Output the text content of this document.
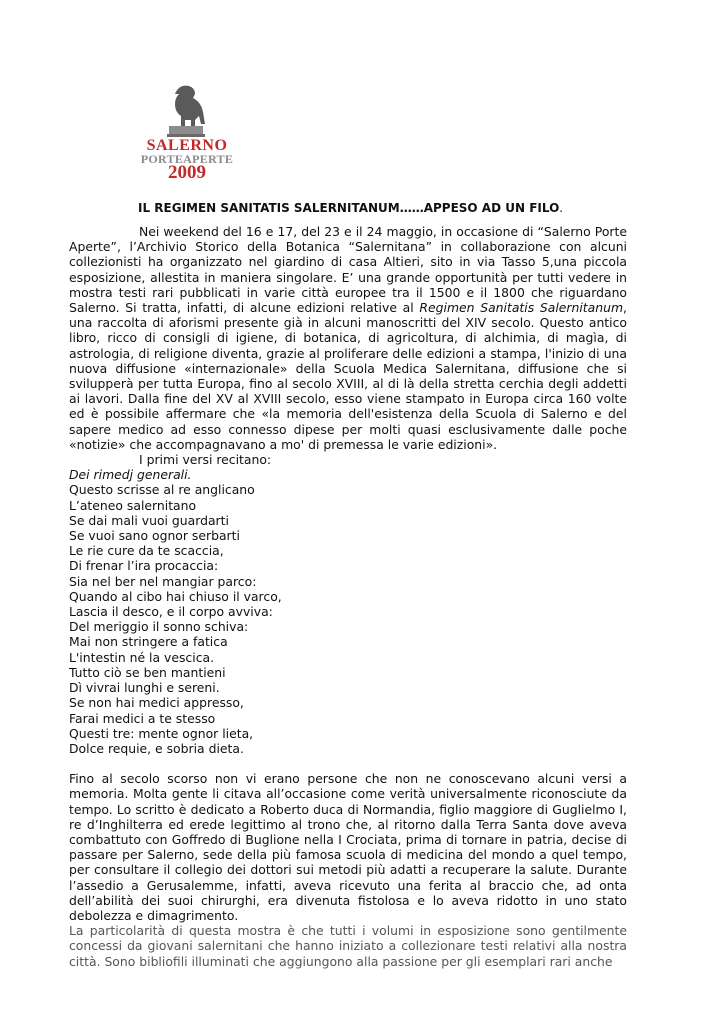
SALERNO
PORTEAPERTE
2009
IL REGIMEN SANITATIS SALERNITANUM……APPESO AD UN FILO.

Nei weekend del 16 e 17, del 23 e il 24 maggio, in occasione di “Salerno Porte Aperte”, l’Archivio Storico della Botanica “Salernitana” in collaborazione con alcuni collezionisti ha organizzato nel giardino di casa Altieri, sito in via Tasso 5,una piccola esposizione, allestita in maniera singolare. E’ una grande opportunità per tutti vedere in mostra testi rari pubblicati in varie città europee tra il 1500 e il 1800 che riguardano Salerno. Si tratta, infatti, di alcune edizioni relative al Regimen Sanitatis Salernitanum, una raccolta di aforismi presente già in alcuni manoscritti del XIV secolo. Questo antico libro, ricco di consigli di igiene, di botanica, di agricoltura, di alchimia, di magìa, di astrologia, di religione diventa, grazie al proliferare delle edizioni a stampa, l'inizio di una nuova diffusione «internazionale» della Scuola Medica Salernitana, diffusione che si svilupperà per tutta Europa, fino al secolo XVIII, al di là della stretta cerchia degli addetti ai lavori. Dalla fine del XV al XVIII secolo, esso viene stampato in Europa circa 160 volte ed è possibile affermare che «la memoria dell'esistenza della Scuola di Salerno e del sapere medico ad esso connesso dipese per molti quasi esclusivamente dalle poche «notizie» che accompagnavano a mo' di premessa le varie edizioni».

I primi versi recitano:

Dei rimedj generali.
Questo scrisse al re anglicano
L’ateneo salernitano
Se dai mali vuoi guardarti
Se vuoi sano ognor serbarti
Le rie cure da te scaccia,
Di frenar l’ira procaccia:
Sia nel ber nel mangiar parco:
Quando al cibo hai chiuso il varco,
Lascia il desco, e il corpo avviva:
Del meriggio il sonno schiva:
Mai non stringere a fatica
L'intestin né la vescica.
Tutto ciò se ben mantieni
Dì vivrai lunghi e sereni.
Se non hai medici appresso,
Farai medici a te stesso
Questi tre: mente ognor lieta,
Dolce requie, e sobria dieta.

Fino al secolo scorso non vi erano persone che non ne conoscevano alcuni versi a memoria. Molta gente li citava all’occasione come verità universalmente riconosciute da tempo. Lo scritto è dedicato a Roberto duca di Normandia, figlio maggiore di Guglielmo I, re d’Inghilterra ed erede legittimo al trono che, al ritorno dalla Terra Santa dove aveva combattuto con Goffredo di Buglione nella I Crociata, prima di tornare in patria, decise di passare per Salerno, sede della più famosa scuola di medicina del mondo a quel tempo, per consultare il collegio dei dottori sui metodi più adatti a recuperare la salute. Durante l’assedio a Gerusalemme, infatti, aveva ricevuto una ferita al braccio che, ad onta dell’abilità dei suoi chirurghi, era divenuta fistolosa e lo aveva ridotto in uno stato debolezza e dimagrimento.

La particolarità di questa mostra è che tutti i volumi in esposizione sono gentilmente concessi da giovani salernitani che hanno iniziato a collezionare testi relativi alla nostra città. Sono bibliofili illuminati che aggiungono alla passione per gli esemplari rari anche
